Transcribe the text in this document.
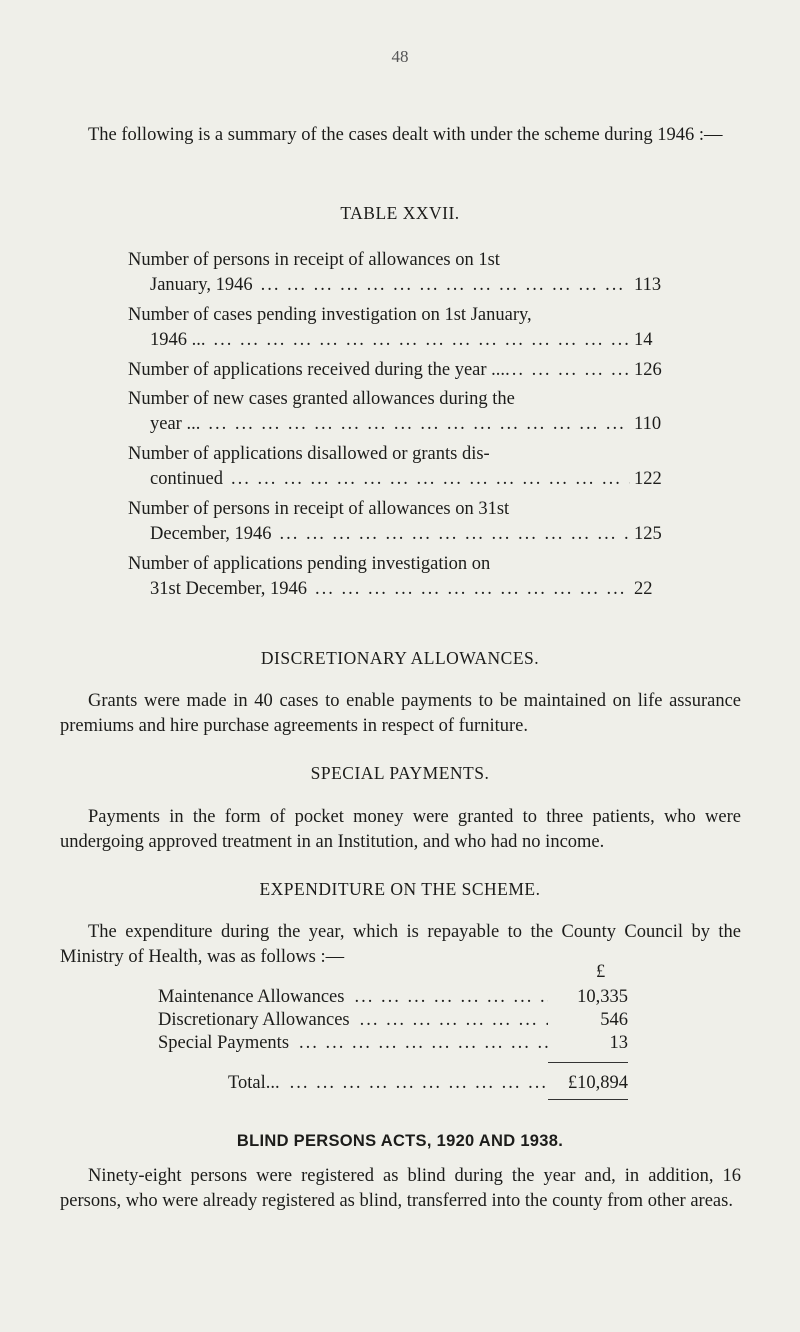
48

The following is a summary of the cases dealt with under the scheme during 1946 :—

TABLE XXVII.
Number of persons in receipt of allowances on 1st
January, 1946 ... .	113
Number of cases pending investigation on 1st January,
1946 ... ... .	14
Number of applications received during the year ... ... .	126
Number of new cases granted allowances during the
year ... ... .	110
Number of applications disallowed or grants dis-
continued ... .	122
Number of persons in receipt of allowances on 31st
December, 1946 ... .	125
Number of applications pending investigation on
31st December, 1946 ... .	22
DISCRETIONARY ALLOWANCES.

Grants were made in 40 cases to enable payments to be maintained on life assurance premiums and hire purchase agreements in respect of furniture.

SPECIAL PAYMENTS.

Payments in the form of pocket money were granted to three patients, who were undergoing approved treatment in an Institution, and who had no income.

EXPENDITURE ON THE SCHEME.

The expenditure during the year, which is repayable to the County Council by the Ministry of Health, was as follows :—

£
Maintenance Allowances ... .	10,335
Discretionary Allowances ... .	546
Special Payments ... .	13
Total... ... .	£10,894
BLIND PERSONS ACTS, 1920 AND 1938.

Ninety-eight persons were registered as blind during the year and, in addition, 16 persons, who were already registered as blind, transferred into the county from other areas.
